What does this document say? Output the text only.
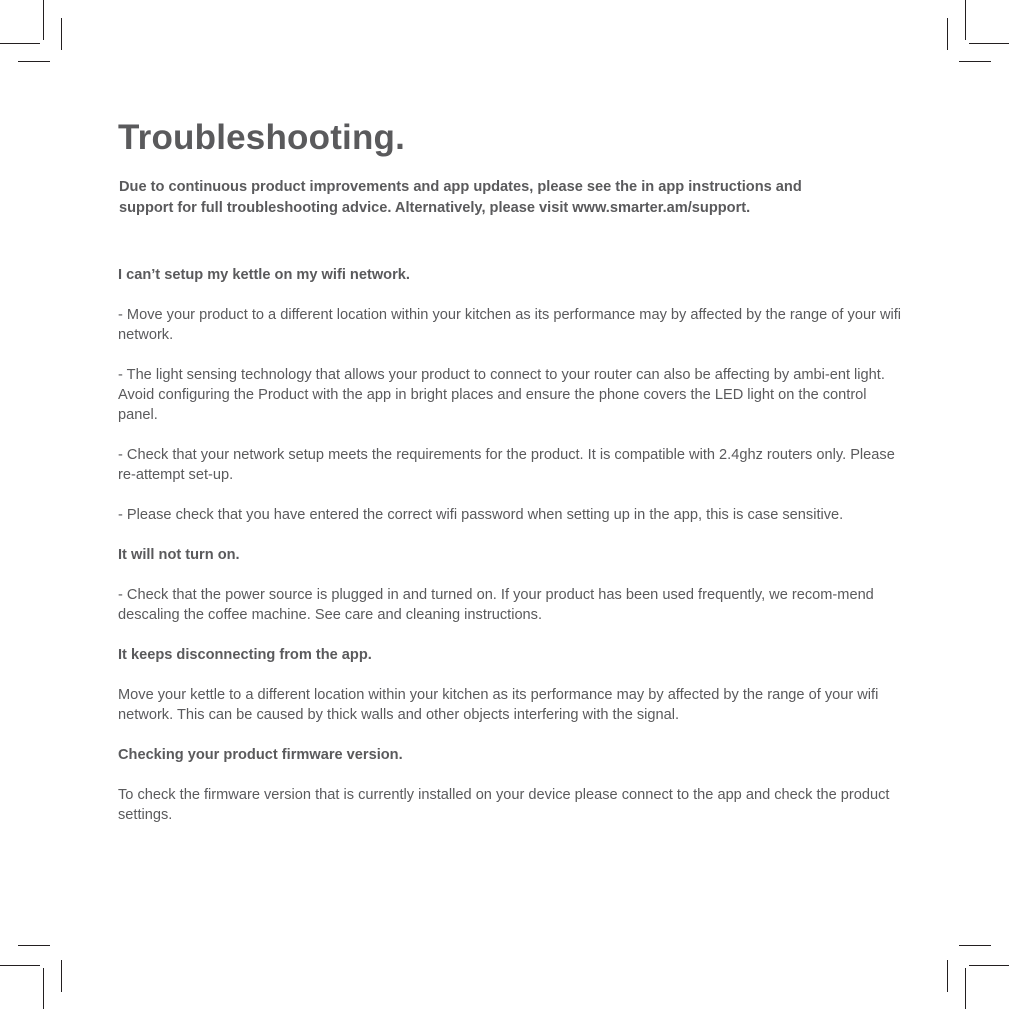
Troubleshooting.

Due to continuous product improvements and app updates, please see the in app instructions and support for full troubleshooting advice. Alternatively, please visit www.smarter.am/support.

I can’t setup my kettle on my wifi network.

- Move your product to a different location within your kitchen as its performance may by affected by the range of your wifi network.

- The light sensing technology that allows your product to connect to your router can also be affecting by ambi-ent light. Avoid configuring the Product with the app in bright places and ensure the phone covers the LED light on the control panel.

- Check that your network setup meets the requirements for the product. It is compatible with 2.4ghz routers only. Please re-attempt set-up.

- Please check that you have entered the correct wifi password when setting up in the app, this is case sensitive.

It will not turn on.

- Check that the power source is plugged in and turned on. If your product has been used frequently, we recom-mend descaling the coffee machine. See care and cleaning instructions.

It keeps disconnecting from the app.

Move your kettle to a different location within your kitchen as its performance may by affected by the range of your wifi network. This can be caused by thick walls and other objects interfering with the signal.

Checking your product firmware version.

To check the firmware version that is currently installed on your device please connect to the app and check the product settings.
